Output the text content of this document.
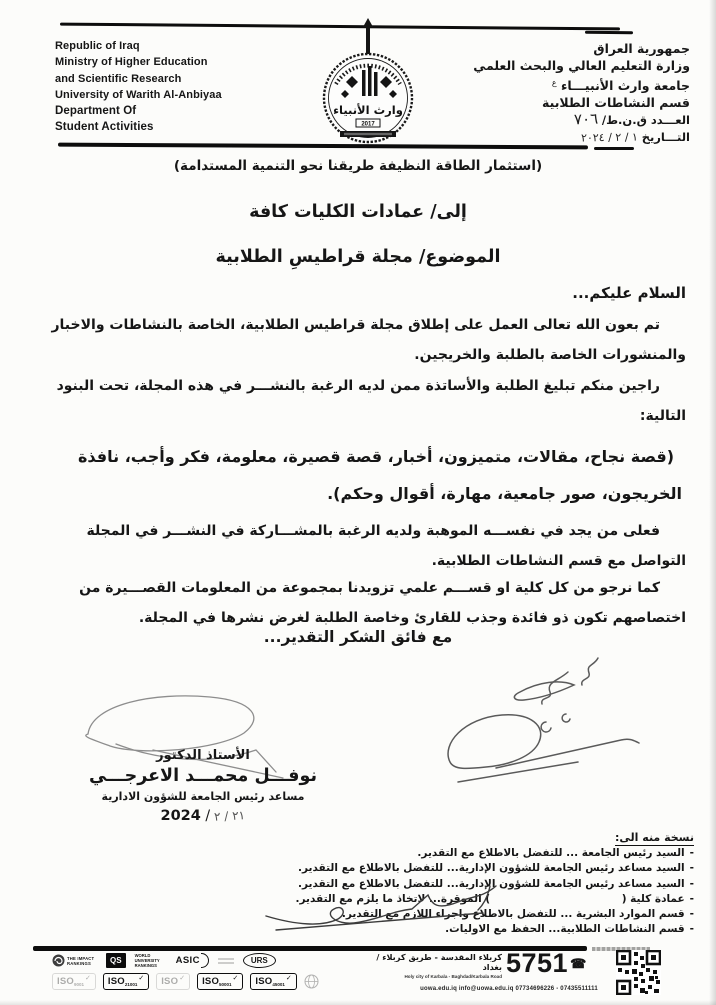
Republic of Iraq
Ministry of Higher Education
and Scientific Research
University of Warith Al-Anbiyaa
Department Of
Student Activities
وارث الأنبياء
2017
جمهورية العراق
وزارة التعليم العالي والبحث العلمي
جامعة وارث الأنبيـــاء $^ع$
قسم النشاطات الطلابية
العـــدد ق.ن.ط/ ٧٠٦
التـــاريخ ١ / ٢ / ٢٠٢٤
(استثمار الطاقة النظيفة طريقنا نحو التنمية المستدامة)
إلى/ عمادات الكليات كافة
الموضوع/ مجلة قراطيسِ الطلابية
السلام عليكم...
تم بعون الله تعالى العمل على إطلاق مجلة قراطيس الطلابية، الخاصة بالنشاطات والاخبار والمنشورات الخاصة بالطلبة والخريجين.
راجين منكم تبليغ الطلبة والأساتذة ممن لديه الرغبة بالنشـــر في هذه المجلة، تحت البنود التالية:
(قصة نجاح، مقالات، متميزون، أخبار، قصة قصيرة، معلومة، فكر وأجب، نافذة الخريجون، صور جامعية، مهارة، أقوال وحكم).
فعلى من يجد في نفســـه الموهبة ولديه الرغبة بالمشـــاركة في النشـــر في المجلة التواصل مع قسم النشاطات الطلابية.
كما نرجو من كل كلية او قســـم علمي تزويدنا بمجموعة من المعلومات القصـــيرة من اختصاصهم تكون ذو فائدة وجذب للقارئ وخاصة الطلبة لغرض نشرها في المجلة.
مع فائق الشكر التقدير...
الأستاذ الدكتور
نوفـــل محمـــد الاعرجـــي
مساعد رئيس الجامعة للشؤون الادارية
٢١ / ٢ / 2024
نسخة منه الى:
-السيد رئيس الجامعة ... للتفضل بالاطلاع مع التقدير.
-السيد مساعد رئيس الجامعة للشؤون الإدارية... للتفضل بالاطلاع مع التقدير.
-السيد مساعد رئيس الجامعة للشؤون الإدارية... للتفضل بالاطلاع مع التقدير.
-عمادة كلية (                                    ) الموقرة... لاتخاذ ما يلزم مع التقدير.
-قسم الموارد البشرية ... للتفضل بالاطلاع واجراء اللازم مع التقدير.
-قسم النشاطات الطلابية... الحفظ مع الاوليات.
THE IMPACT RANKINGS	QS
WORLD UNIVERSITY RANKINGS	ASIC	URS
ISO 9001
✓ ISO 21001
✓ ISO ✓ ISO 50001
✓ ISO 45001
✓
5751 ☎
كربلاء المقدسة - طريق كربلاء / بغداد
Holy city of Karbala - Baghdad/Karbala Road
uowa.edu.iq info@uowa.edu.iq 07734696226 - 07435511111
